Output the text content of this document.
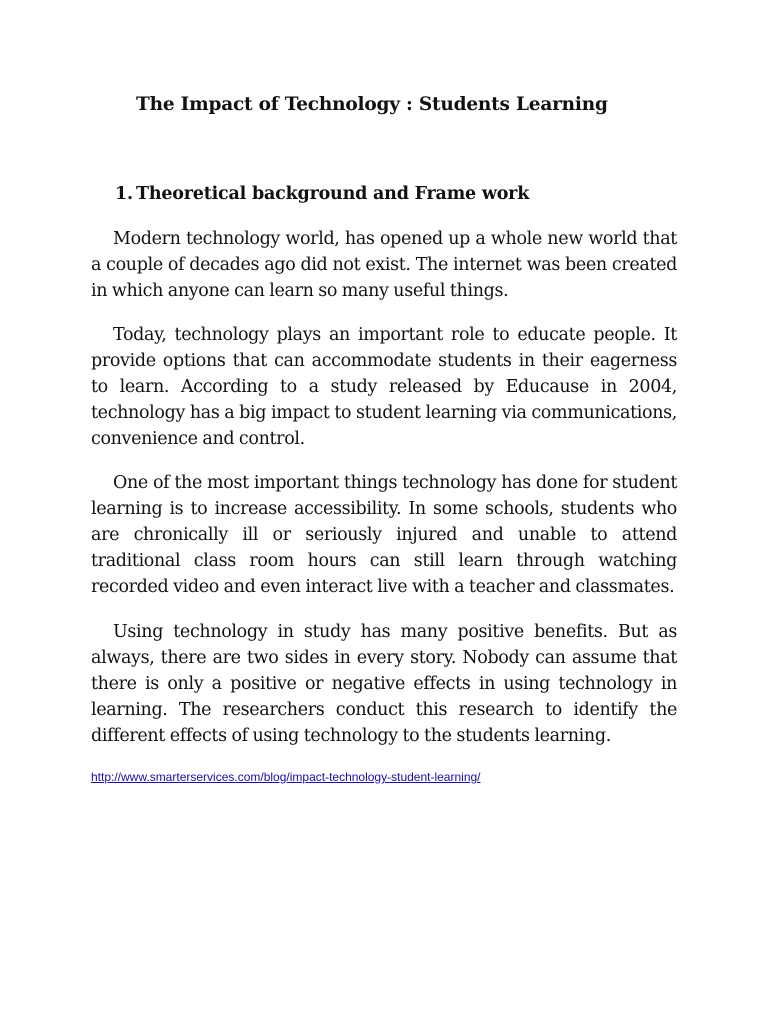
The Impact of Technology : Students Learning
1. Theoretical background and Frame work

Modern technology world, has opened up a whole new world that a couple of decades ago did not exist. The internet was been created in which anyone can learn so many useful things.

Today, technology plays an important role to educate people. It provide options that can accommodate students in their eagerness to learn. According to a study released by Educause in 2004, technology has a big impact to student learning via communications, convenience and control.

One of the most important things technology has done for student learning is to increase accessibility. In some schools, students who are chronically ill or seriously injured and unable to attend traditional class room hours can still learn through watching recorded video and even interact live with a teacher and classmates.

Using technology in study has many positive benefits. But as always, there are two sides in every story. Nobody can assume that there is only a positive or negative effects in using technology in learning. The researchers conduct this research to identify the different effects of using technology to the students learning.

http://www.smarterservices.com/blog/impact-technology-student-learning/
